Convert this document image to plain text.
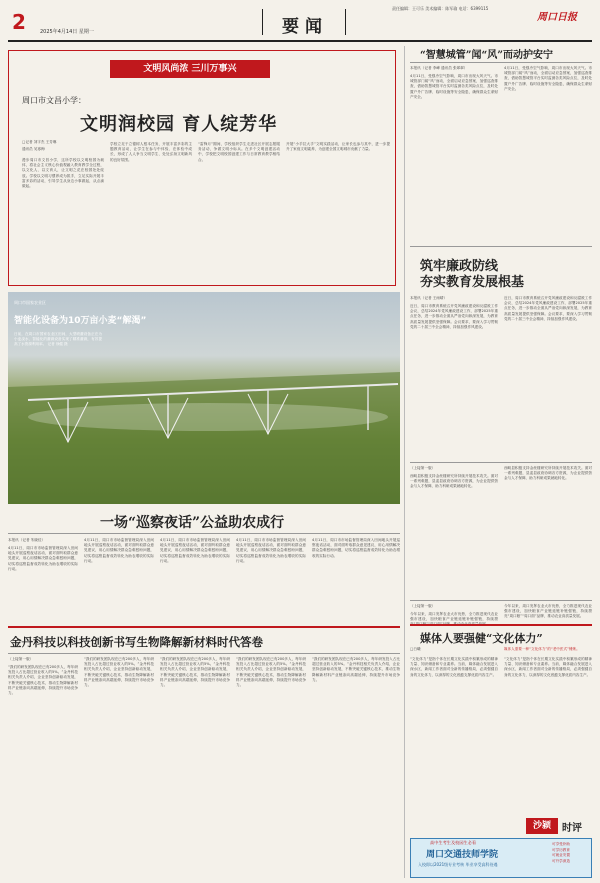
2	2025年4月14日 星期一	要闻
责任编辑：王可乐 美术编辑：陈军瑜 电话：6399115
周口日报
文明风尚浓 三川万事兴
周口市文昌小学：
文明润校园 育人绽芳华
□记者 刘宇杰 王芳琳
通讯员 吴寒梅
漫步周口市文昌小学，这所学校以文明校园为载体，将社会主义核心价值观融入教育教学全过程，以文化人、以文育人，让文明之花在校园处处绽放。学校以文明习惯养成为抓手，立足实际开展丰富多彩的活动，引导学生从身边小事做起，从点滴做起。
学校立足于立德树人根本任务，开展丰富多彩的主题教育活动，让学生在参与中体验、在体验中成长，形成了人人争当文明学生、处处弘扬文明新风的良好氛围。
“雷锋月”期间，学校组织学生走进社区开展志愿服务活动，争做文明小标兵。在多个文明创建活动中，学校把文明校园创建工作与日常教育教学相结合。
开展“小手拉大手”文明实践活动，让家长也参与其中，进一步提升了家庭文明素养，为创建全国文明城市贡献了力量。
“智慧城管”闻“风”而动护安宁
本报讯（记者 李峰 通讯员 张翠翠）
4月11日，受强冷空气影响，周口市出现大风天气。市城管部门闻“风”而动，全面启动应急预案，加强巡查排查，借助智慧城管平台实时监测各类风险点位，及时处置户外广告牌、临时设施等安全隐患，确保群众生命财产安全。
4月11日，受强冷空气影响，周口市出现大风天气。市城管部门闻“风”而动，全面启动应急预案，加强巡查排查，借助智慧城管平台实时监测各类风险点位，及时处置户外广告牌、临时设施等安全隐患，确保群众生命财产安全。
筑牢廉政防线
夯实教育发展根基
本报讯（记者 王雨晴）
近日，周口市教育系统召开党风廉政建设和反腐败工作会议，总结2024年党风廉政建设工作，部署2025年重点任务，进一步推动全面从严治党向纵深发展，为教育高质量发展提供坚强保障。会议要求，要深入学习贯彻党的二十届三中全会精神，持续加强作风建设。
近日，周口市教育系统召开党风廉政建设和反腐败工作会议，总结2024年党风廉政建设工作，部署2025年重点任务，进一步推动全面从严治党向纵深发展，为教育高质量发展提供坚强保障。会议要求，要深入学习贯彻党的二十届三中全会精神，持续加强作风建设。
周口市国家农业区
智能化设备为10万亩小麦“解渴”
日前，在周口市国家农业区田间，大型喷灌设备正在为小麦浇水，智能化的灌溉设备实现了精准灌溉，有效提高了水资源利用率。 记者 徐健 摄
一场“巡察夜话”公益助农成行
本报讯（记者 朱晓佳）
4月11日，周口市市场监督管理局深入田间地头开展巡察夜话活动，面对面听取群众意见建议，用心用情解决群众急难愁盼问题，切实将巡察监督成效转化为助农增收的实际行动。
4月11日，周口市市场监督管理局深入田间地头开展巡察夜话活动，面对面听取群众意见建议，用心用情解决群众急难愁盼问题，切实将巡察监督成效转化为助农增收的实际行动。
4月11日，周口市市场监督管理局深入田间地头开展巡察夜话活动，面对面听取群众意见建议，用心用情解决群众急难愁盼问题，切实将巡察监督成效转化为助农增收的实际行动。
4月11日，周口市市场监督管理局深入田间地头开展巡察夜话活动，面对面听取群众意见建议，用心用情解决群众急难愁盼问题，切实将巡察监督成效转化为助农增收的实际行动。
4月11日，周口市市场监督管理局深入田间地头开展巡察夜话活动，面对面听取群众意见建议，用心用情解决群众急难愁盼问题，切实将巡察监督成效转化为助农增收的实际行动。
（上接第一版）
西峡县积极支持金丝楼研究所持续开展技术攻关。面对一系列难题，县委县政府协调各方资源，为企业提供资金与人才保障，助力科研成果就地转化。
西峡县积极支持金丝楼研究所持续开展技术攻关。面对一系列难题，县委县政府协调各方资源，为企业提供资金与人才保障，助力科研成果就地转化。
金丹科技以科技创新书写生物降解新材料时代答卷
（上接第一版）
“我们的研发团队现在已有200多人，每年研发投入占比超过营业收入的5%。”金丹科技相关负责人介绍，企业坚持创新驱动发展，不断突破关键核心技术，推动生物降解新材料产业链条向高端延伸，持续提升市场竞争力。
“我们的研发团队现在已有200多人，每年研发投入占比超过营业收入的5%。”金丹科技相关负责人介绍，企业坚持创新驱动发展，不断突破关键核心技术，推动生物降解新材料产业链条向高端延伸，持续提升市场竞争力。
“我们的研发团队现在已有200多人，每年研发投入占比超过营业收入的5%。”金丹科技相关负责人介绍，企业坚持创新驱动发展，不断突破关键核心技术，推动生物降解新材料产业链条向高端延伸，持续提升市场竞争力。
“我们的研发团队现在已有200多人，每年研发投入占比超过营业收入的5%。”金丹科技相关负责人介绍，企业坚持创新驱动发展，不断突破关键核心技术，推动生物降解新材料产业链条向高端延伸，持续提升市场竞争力。
“我们的研发团队现在已有200多人，每年研发投入占比超过营业收入的5%。”金丹科技相关负责人介绍，企业坚持创新驱动发展，不断突破关键核心技术，推动生物降解新材料产业链条向高端延伸，持续提升市场竞争力。
（上接第一版）
今年以来，周口发挥农业大市优势，全力推进现代农业强市建设，加快粮食产业链延链补链强链，持续擦
今年以来，周口发挥农业大市优势，全力推进现代农业强市建设，加快粮食产业链延链补链强链，持续擦亮“周口粮”“周口面”品牌，推动农业高质量发展。
媒体人要强健“文化体力”
□白曦	媒体人需要一种“文化体力”的“老中医式”锤炼。
“文化体力”是指个体在长期文化实践中积累形成的精神力量、知识储备和专业素养。当前，媒体融合发展进入深水区，新闻工作者面对全新的传播格局，必须强健自身的文化体力，以深厚的文化底蕴支撑优质内容生产。
“文化体力”是指个体在长期文化实践中积累形成的精神力量、知识储备和专业素养。当前，媒体融合发展进入深水区，新闻工作者面对全新的传播格局，必须强健自身的文化体力，以深厚的文化底蕴支撑优质内容生产。
沙颍	时评
高中生考生及校园生必看
周口交通技师学院
入校即以2021级专业考核 毕业享受高科待遇
可享受补助
可学历教育
可就业安置
可升学深造
